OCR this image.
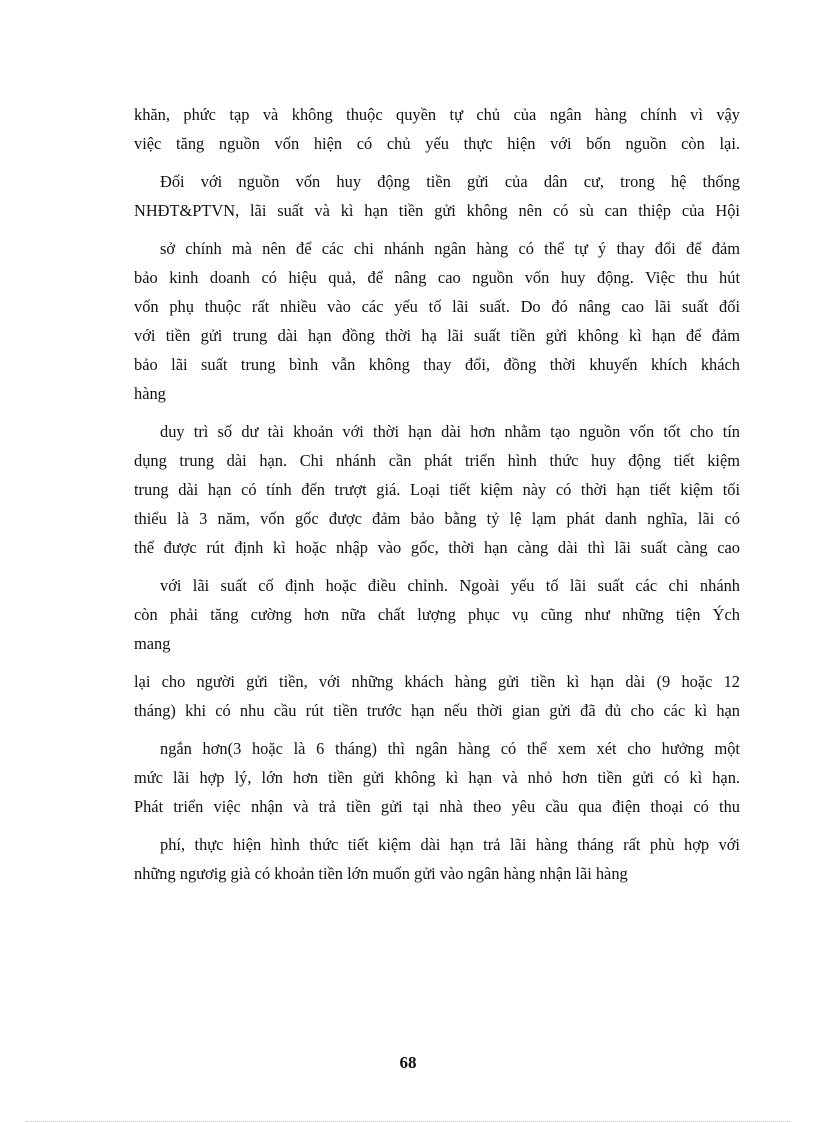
khăn, phức tạp và không thuộc quyền tự chủ của ngân hàng chính vì vậy

việc tăng nguồn vốn hiện có chủ yếu thực hiện với bốn nguồn còn lại.

Đối với nguồn vốn huy động tiền gửi của dân cư, trong hệ thống

NHĐT&PTVN, lãi suất và kì hạn tiền gửi không nên có sù can thiệp của Hội

sở chính mà nên để các chi nhánh ngân hàng có thể tự ý thay đổi để đảm

bảo kinh doanh có hiệu quả, để nâng cao nguồn vốn huy động. Việc thu hút

vốn phụ thuộc rất nhiều vào các yếu tố lãi suất. Do đó nâng cao lãi suất đối

với tiền gửi trung dài hạn đồng thời hạ lãi suất tiền gửi không kì hạn để đảm

bảo lãi suất trung bình vẫn không thay đổi, đồng thời khuyến khích khách

hàng

duy trì số dư tài khoản với thời hạn dài hơn nhằm tạo nguồn vốn tốt cho tín

dụng trung dài hạn. Chi nhánh cần phát triển hình thức huy động tiết kiệm

trung dài hạn có tính đến trượt giá. Loại tiết kiệm này có thời hạn tiết kiệm tối

thiểu là 3 năm, vốn gốc được đảm bảo bằng tỷ lệ lạm phát danh nghĩa, lãi có

thể được rút định kì hoặc nhập vào gốc, thời hạn càng dài thì lãi suất càng cao

với lãi suất cố định hoặc điều chỉnh. Ngoài yếu tố lãi suất các chi nhánh

còn phải tăng cường hơn nữa chất lượng phục vụ cũng như những tiện Ých

mang

lại cho người gửi tiền, với những khách hàng gửi tiền kì hạn dài (9 hoặc 12

tháng) khi có nhu cầu rút tiền trước hạn nếu thời gian gửi đã đủ cho các kì hạn

ngắn hơn(3 hoặc là 6 tháng) thì ngân hàng có thể xem xét cho hưởng một

mức lãi hợp lý, lớn hơn tiền gửi không kì hạn và nhỏ hơn tiền gửi có kì hạn.

Phát triển việc nhận và trả tiền gửi tại nhà theo yêu cầu qua điện thoại có thu

phí, thực hiện hình thức tiết kiệm dài hạn trả lãi hàng tháng rất phù hợp với

những ngươig già có khoản tiền lớn muốn gửi vào ngân hàng nhận lãi hàng

68
